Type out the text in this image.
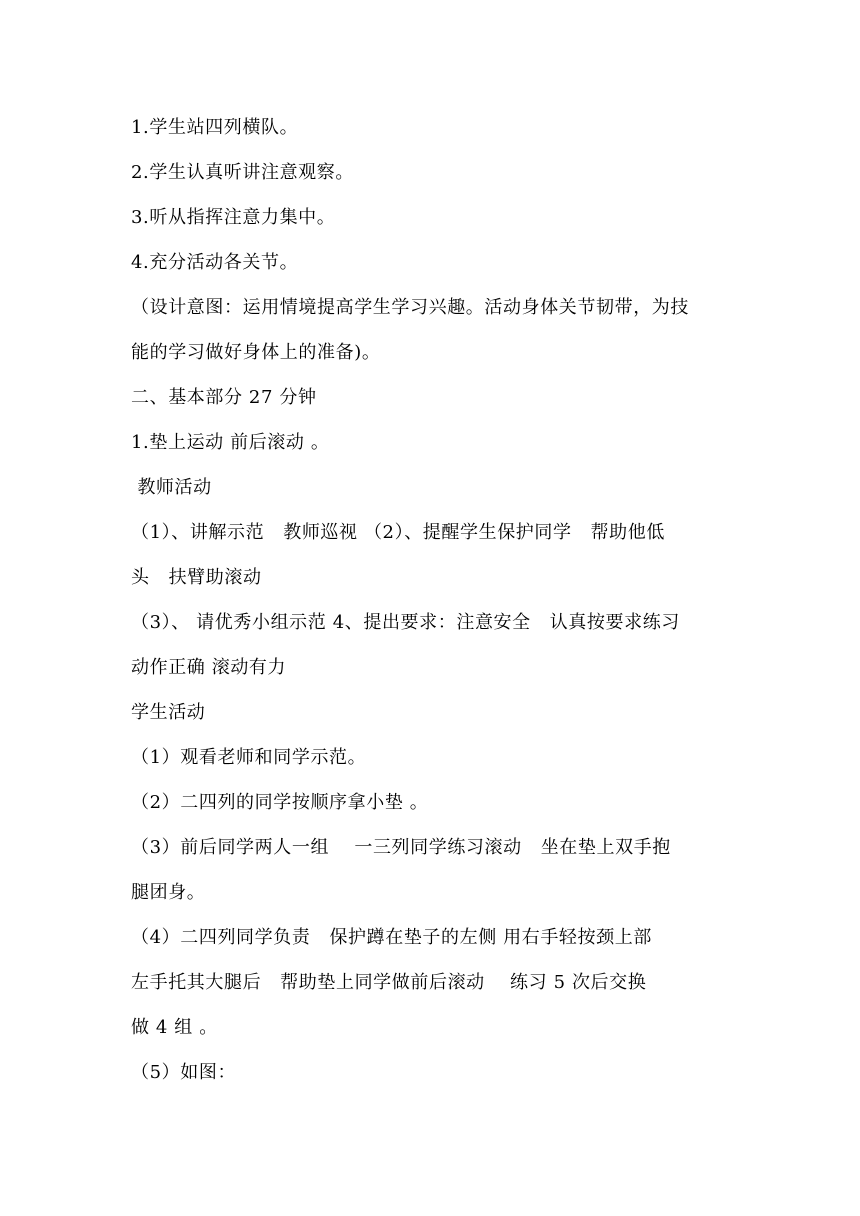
1.学生站四列横队。
2.学生认真听讲注意观察。
3.听从指挥注意力集中。
4.充分活动各关节。
（设计意图：运用情境提高学生学习兴趣。活动身体关节韧带，为技
能的学习做好身体上的准备)。
二、基本部分 27 分钟
1.垫上运动 前后滚动 。
教师活动
（1）、讲解示范   教师巡视 （2）、提醒学生保护同学   帮助他低
头   扶臂助滚动
（3）、 请优秀小组示范 4、提出要求：注意安全   认真按要求练习
动作正确 滚动有力
学生活动
（1）观看老师和同学示范。
（2）二四列的同学按顺序拿小垫 。
（3）前后同学两人一组    一三列同学练习滚动   坐在垫上双手抱
腿团身。
（4）二四列同学负责   保护蹲在垫子的左侧 用右手轻按颈上部
左手托其大腿后   帮助垫上同学做前后滚动    练习 5 次后交换
做 4 组 。
（5）如图：
